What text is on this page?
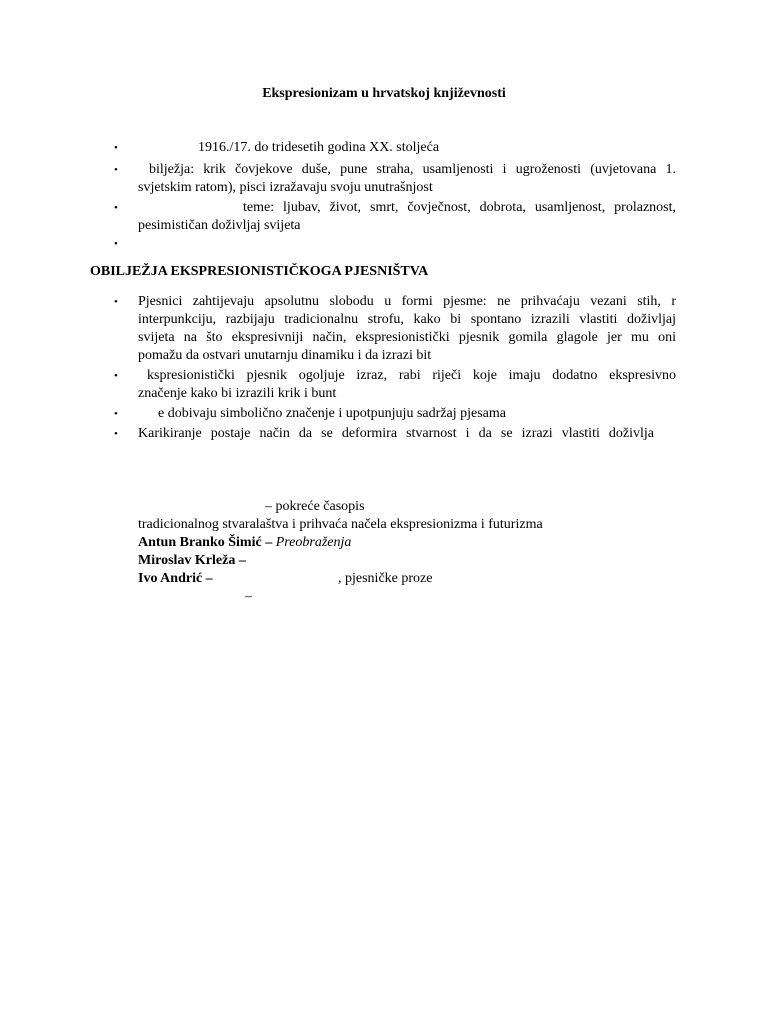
Ekspresionizam u hrvatskoj književnosti
•	1916./17. do tridesetih godina XX. stoljeća
• bilježja: krik čovjekove duše, pune straha, usamljenosti i ugroženosti (uvjetovana 1.
svjetskim ratom), pisci izražavaju svoju unutrašnjost
•	teme: ljubav, život, smrt, čovječnost, dobrota, usamljenost, prolaznost,
pesimističan doživljaj svijeta
•
OBILJEŽJA EKSPRESIONISTIČKOGA PJESNIŠTVA
• Pjesnici zahtijevaju apsolutnu slobodu u formi pjesme: ne prihvaćaju vezani stih, r
interpunkciju, razbijaju tradicionalnu strofu, kako bi spontano izrazili vlastiti doživljaj
svijeta na što ekspresivniji način, ekspresionistički pjesnik gomila glagole jer mu oni
pomažu da ostvari unutarnju dinamiku i da izrazi bit
• kspresionistički pjesnik ogoljuje izraz, rabi riječi koje imaju dodatno ekspresivno
značenje kako bi izrazili krik i bunt
•	e dobivaju simbolično značenje i upotpunjuju sadržaj pjesama
• Karikiranje postaje način da se deformira stvarnost i da se izrazi vlastiti doživlja
– pokreće časopis
tradicionalnog stvaralaštva i prihvaća načela ekspresionizma i futurizma
Antun Branko Šimić – Preobraženja
Miroslav Krleža –
Ivo Andrić –	, pjesničke proze
–
